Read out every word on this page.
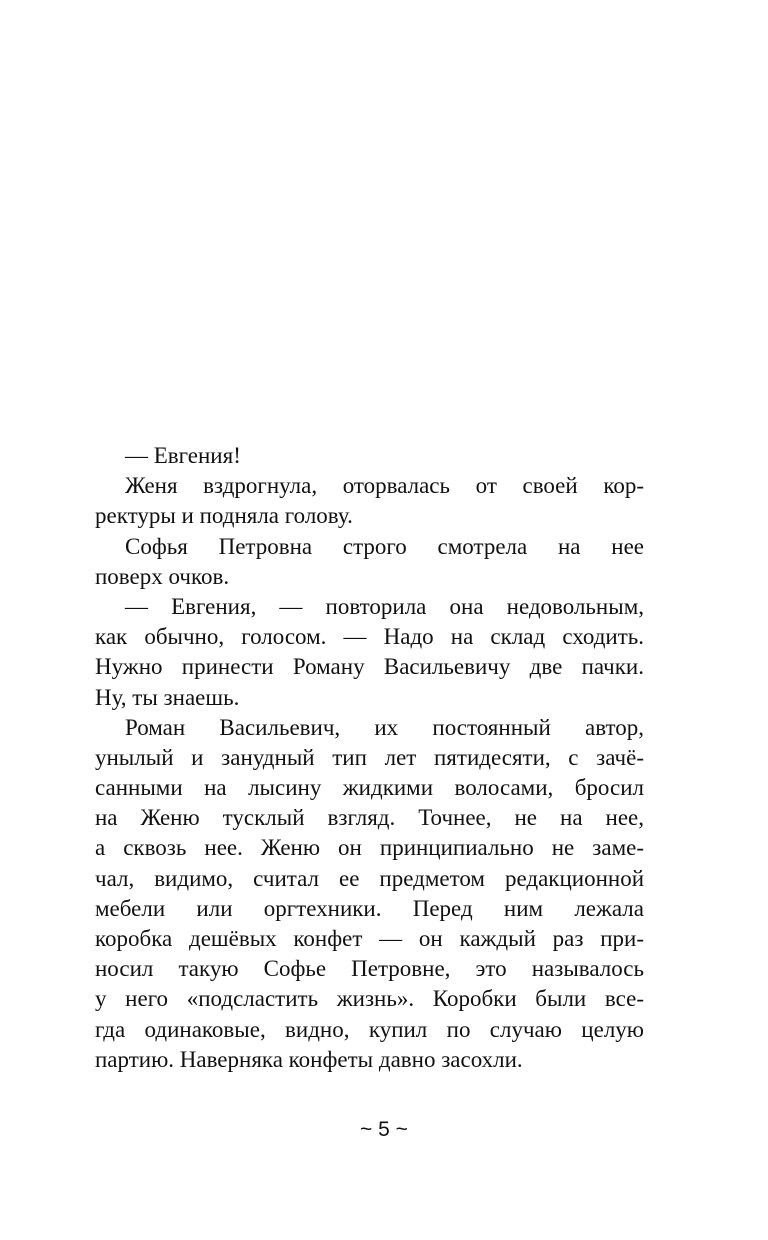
— Евгения!
Женя вздрогнула, оторвалась от своей кор-
ректуры и подняла голову.
Софья Петровна строго смотрела на нее
поверх очков.
— Евгения, — повторила она недовольным,
как обычно, голосом. — Надо на склад сходить.
Нужно принести Роману Васильевичу две пачки.
Ну, ты знаешь.
Роман Васильевич, их постоянный автор,
унылый и занудный тип лет пятидесяти, с зачё-
санными на лысину жидкими волосами, бросил
на Женю тусклый взгляд. Точнее, не на нее,
а сквозь нее. Женю он принципиально не заме-
чал, видимо, считал ее предметом редакционной
мебели или оргтехники. Перед ним лежала
коробка дешёвых конфет — он каждый раз при-
носил такую Софье Петровне, это называлось
у него «подсластить жизнь». Коробки были все-
гда одинаковые, видно, купил по случаю целую
партию. Наверняка конфеты давно засохли.
~ 5 ~
